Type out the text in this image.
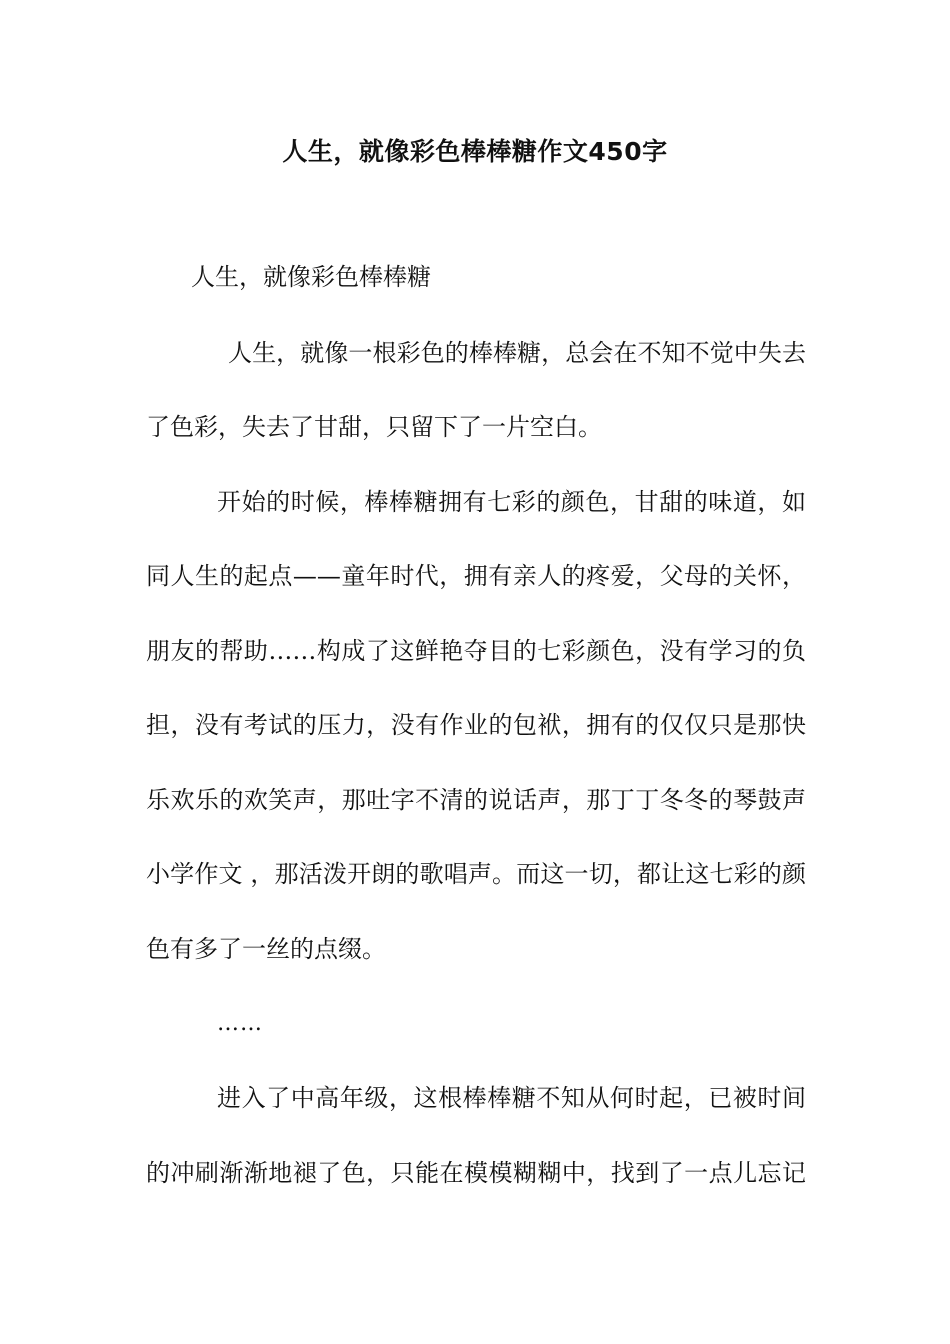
人生，就像彩色棒棒糖作文450字
人生，就像彩色棒棒糖
人生，就像一根彩色的棒棒糖，总会在不知不觉中失去
了色彩，失去了甘甜，只留下了一片空白。
开始的时候，棒棒糖拥有七彩的颜色，甘甜的味道，如
同人生的起点——童年时代，拥有亲人的疼爱，父母的关怀，
朋友的帮助……构成了这鲜艳夺目的七彩颜色，没有学习的负
担，没有考试的压力，没有作业的包袱，拥有的仅仅只是那快
乐欢乐的欢笑声，那吐字不清的说话声，那丁丁冬冬的琴鼓声
小学作文 ，那活泼开朗的歌唱声。而这一切，都让这七彩的颜
色有多了一丝的点缀。
……
进入了中高年级，这根棒棒糖不知从何时起，已被时间
的冲刷渐渐地褪了色，只能在模模糊糊中，找到了一点儿忘记
